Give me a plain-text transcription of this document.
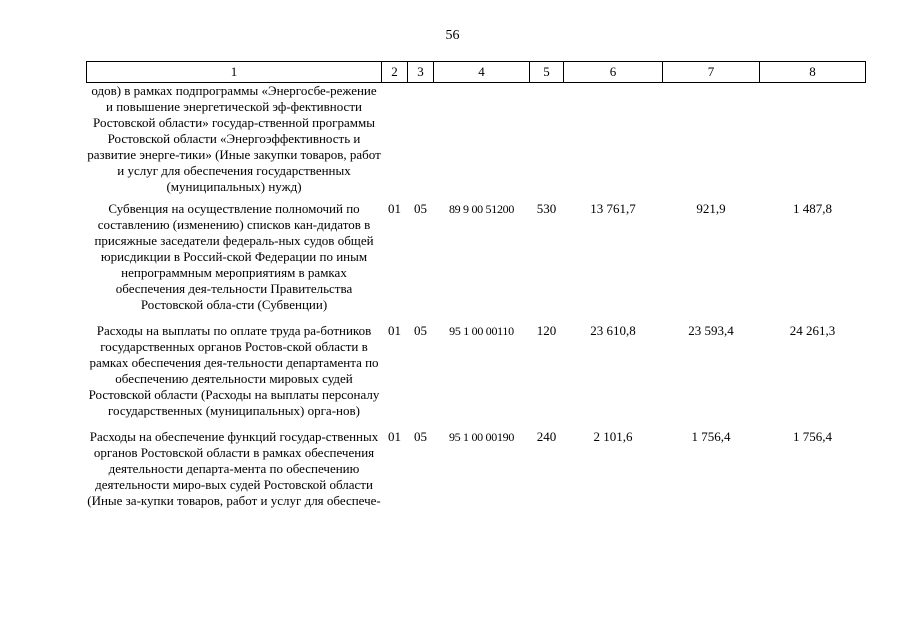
56
1	2	3	4	5	6	7	8
одов) в рамках подпрограммы «Энергосбе-режение и повышение энергетической эф-фективности Ростовской области» государ-ственной программы Ростовской области «Энергоэффективность и развитие энерге-тики» (Иные закупки товаров, работ и услуг для обеспечения государственных (муниципальных) нужд)							
Субвенция на осуществление полномочий по составлению (изменению) списков кан-дидатов в присяжные заседатели федераль-ных судов общей юрисдикции в Россий-ской Федерации по иным непрограммным мероприятиям в рамках обеспечения дея-тельности Правительства Ростовской обла-сти (Субвенции)	01	05	89 9 00 51200	530	13 761,7	921,9	1 487,8
Расходы на выплаты по оплате труда ра-ботников государственных органов Ростов-ской области в рамках обеспечения дея-тельности департамента по обеспечению деятельности мировых судей Ростовской области (Расходы на выплаты персоналу государственных (муниципальных) орга-нов)	01	05	95 1 00 00110	120	23 610,8	23 593,4	24 261,3
Расходы на обеспечение функций государ-ственных органов Ростовской области в рамках обеспечения деятельности департа-мента по обеспечению деятельности миро-вых судей Ростовской области (Иные за-купки товаров, работ и услуг для обеспече-	01	05	95 1 00 00190	240	2 101,6	1 756,4	1 756,4
